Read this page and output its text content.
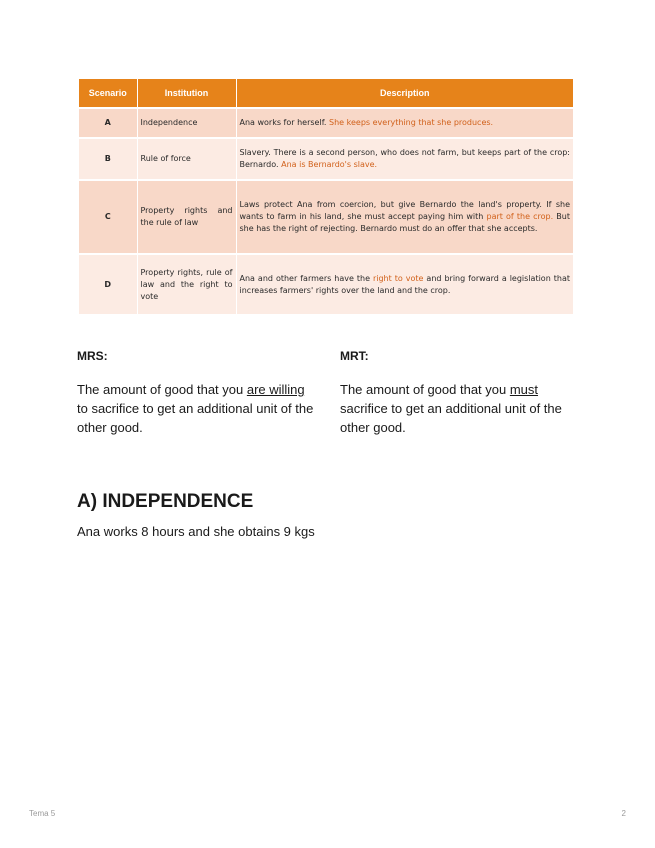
Scenario	Institution	Description
A	Independence	Ana works for herself. She keeps everything that she produces.
B	Rule of force	Slavery. There is a second person, who does not farm, but keeps part of the crop: Bernardo. Ana is Bernardo's slave.
C	Property rights and the rule of law	Laws protect Ana from coercion, but give Bernardo the land's property. If she wants to farm in his land, she must accept paying him with part of the crop. But she has the right of rejecting. Bernardo must do an offer that she accepts.
D	Property rights, rule of law and the right to vote	Ana and other farmers have the right to vote and bring forward a legislation that increases farmers' rights over the land and the crop.
MRS:
The amount of good that you are willing
to sacrifice to get an additional unit of the
other good.
MRT:
The amount of good that you must sacrifice to get an additional unit of the other good.
A) INDEPENDENCE

Ana works 8 hours and she obtains 9 kgs

Tema 5	2
